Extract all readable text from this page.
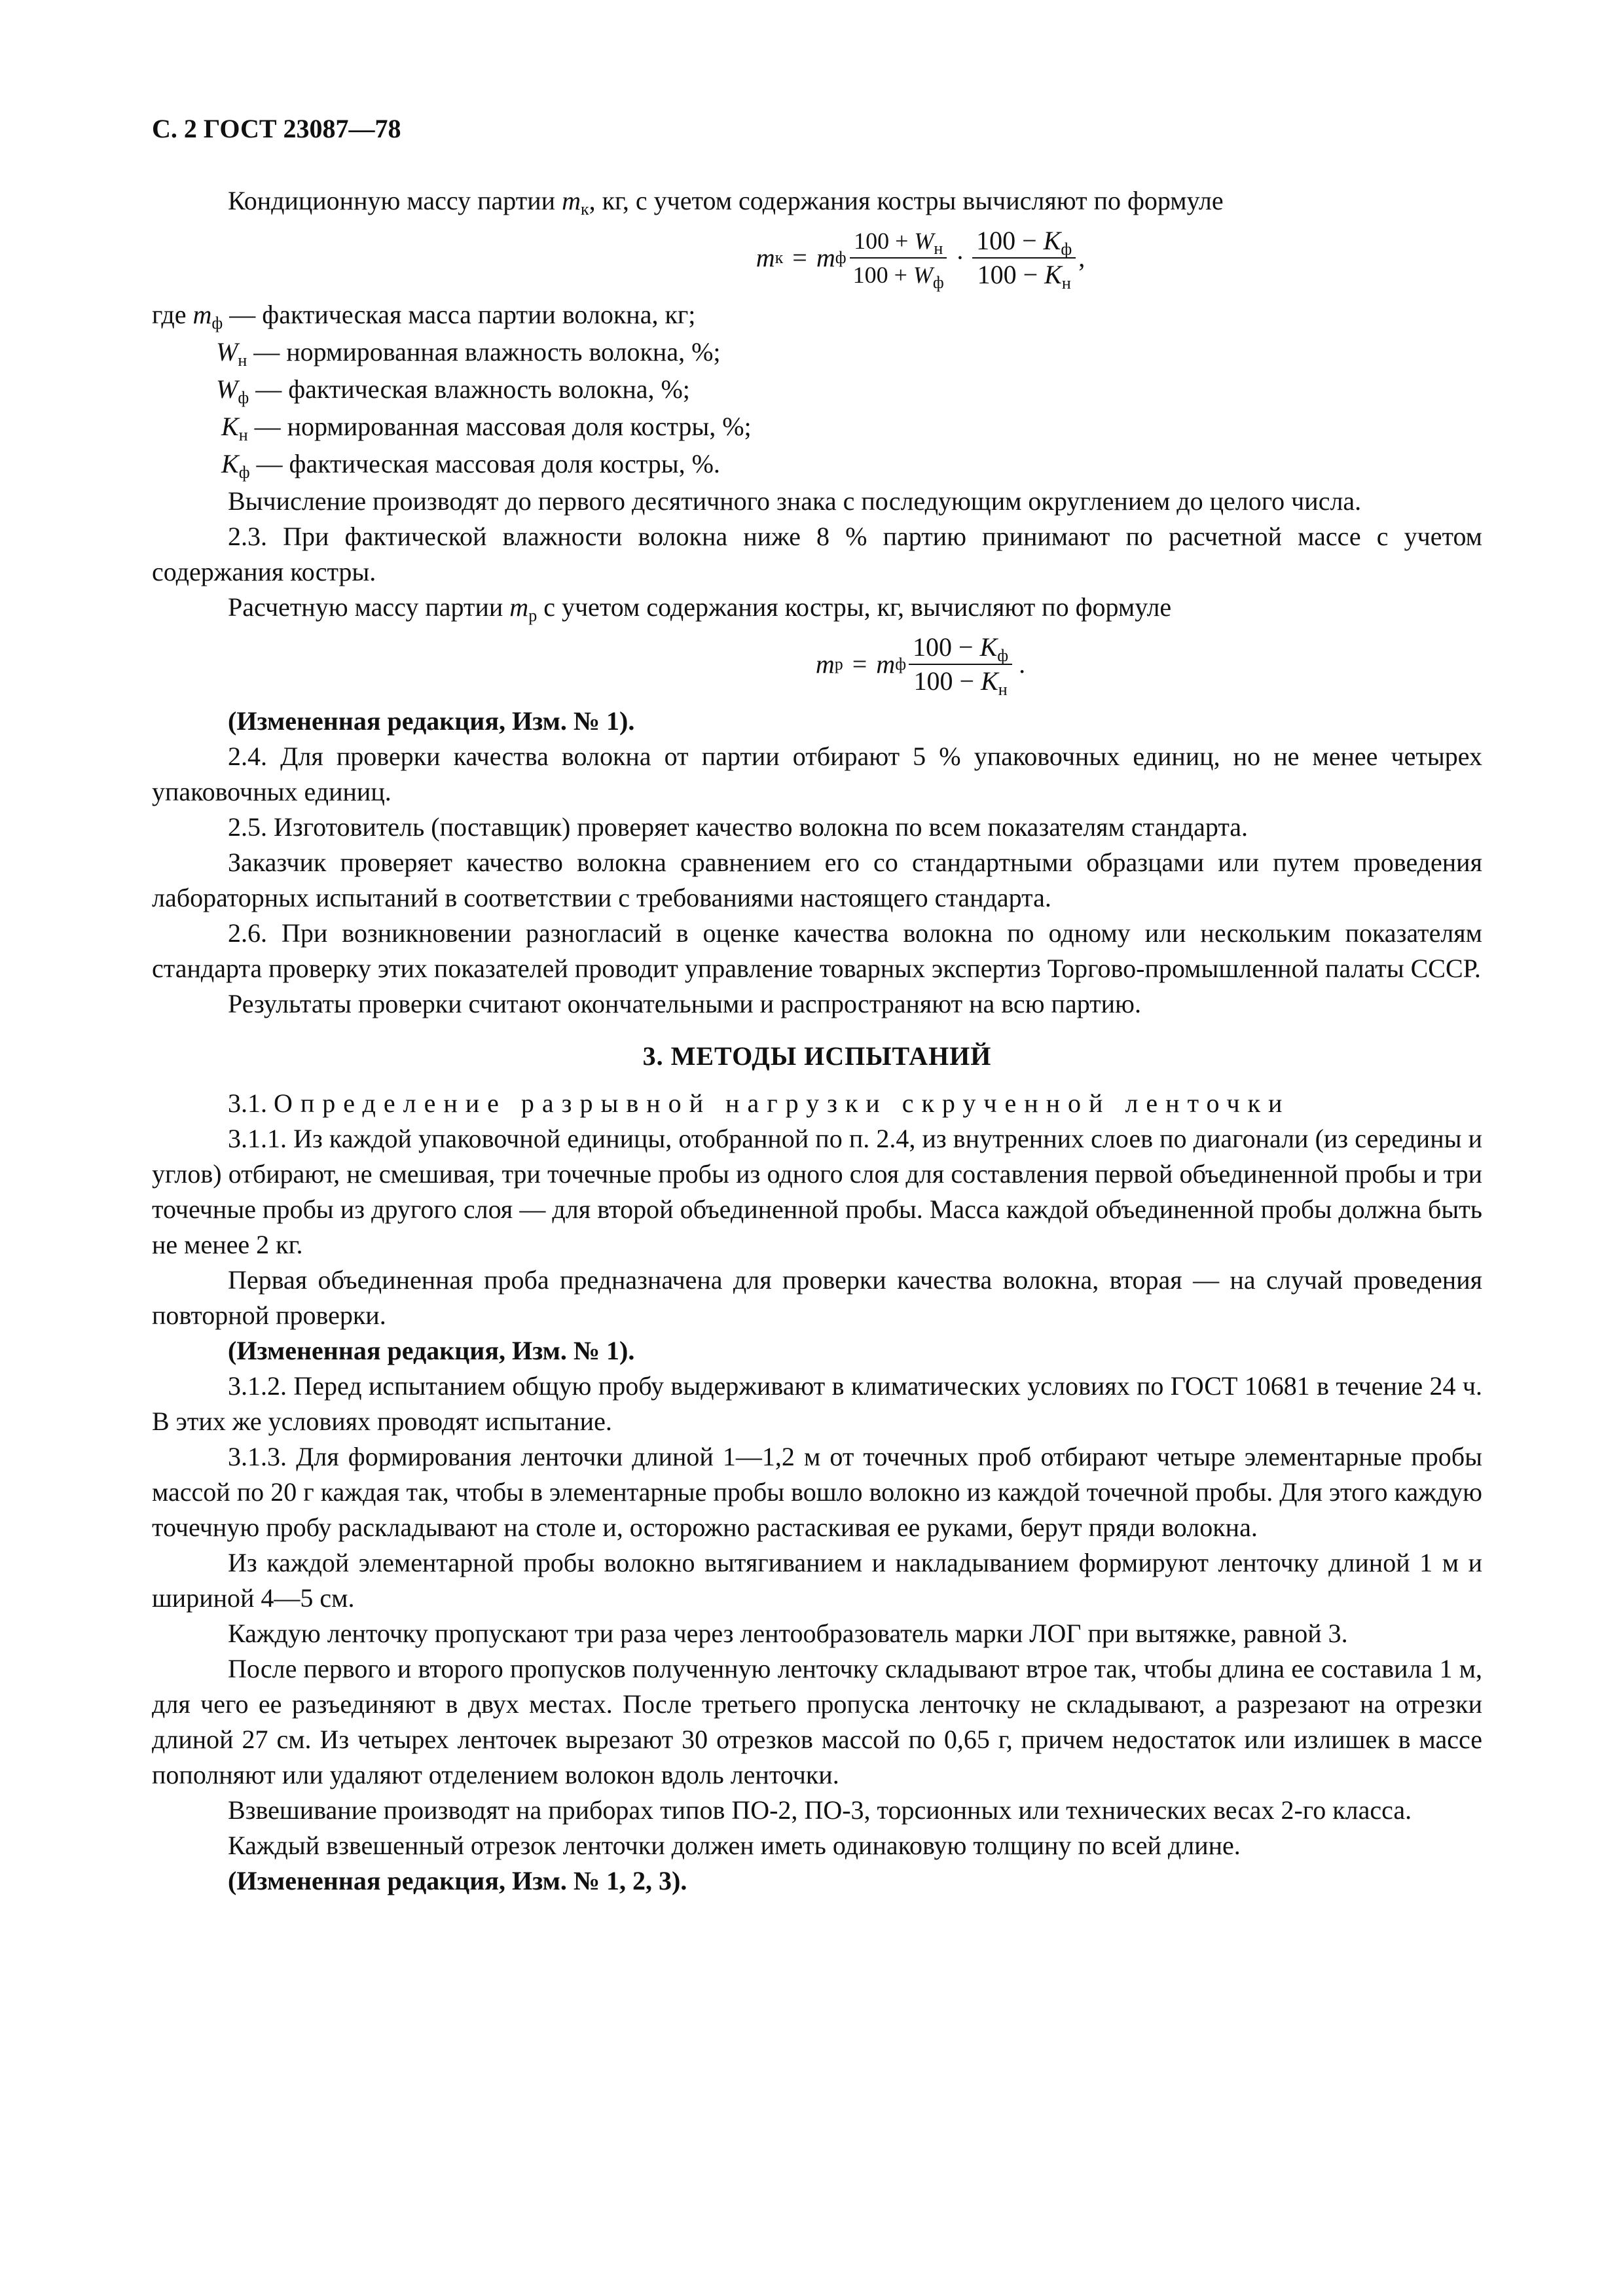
С. 2 ГОСТ 23087—78

Кондиционную массу партии $m_к$, кг, с учетом содержания костры вычисляют по формуле

m к = m ф $\frac{100 + W_н}{100 + W_ф} \cdot \frac{100 - K_ф}{100 - K_н}$ ,
где $m_ф$ — фактическая масса партии волокна, кг;
$W_н$ — нормированная влажность волокна, %;
$W_ф$ — фактическая влажность волокна, %;
$K_н$ — нормированная массовая доля костры, %;
$K_ф$ — фактическая массовая доля костры, %.

Вычисление производят до первого десятичного знака с последующим округлением до целого числа.

2.3. При фактической влажности волокна ниже 8 % партию принимают по расчетной массе с учетом содержания костры.

Расчетную массу партии $m_р$ с учетом содержания костры, кг, вычисляют по формуле

m р = m ф $\frac{100 - K_ф}{100 - K_н}$ .

(Измененная редакция, Изм. № 1).

2.4. Для проверки качества волокна от партии отбирают 5 % упаковочных единиц, но не менее четырех упаковочных единиц.

2.5. Изготовитель (поставщик) проверяет качество волокна по всем показателям стандарта.

Заказчик проверяет качество волокна сравнением его со стандартными образцами или путем проведения лабораторных испытаний в соответствии с требованиями настоящего стандарта.

2.6. При возникновении разногласий в оценке качества волокна по одному или нескольким показателям стандарта проверку этих показателей проводит управление товарных экспертиз Торгово-промышленной палаты СССР.

Результаты проверки считают окончательными и распространяют на всю партию.

3. МЕТОДЫ ИСПЫТАНИЙ

3.1. Определение разрывной нагрузки скрученной ленточки

3.1.1. Из каждой упаковочной единицы, отобранной по п. 2.4, из внутренних слоев по диагонали (из середины и углов) отбирают, не смешивая, три точечные пробы из одного слоя для составления первой объединенной пробы и три точечные пробы из другого слоя — для второй объединенной пробы. Масса каждой объединенной пробы должна быть не менее 2 кг.

Первая объединенная проба предназначена для проверки качества волокна, вторая — на случай проведения повторной проверки.

(Измененная редакция, Изм. № 1).

3.1.2. Перед испытанием общую пробу выдерживают в климатических условиях по ГОСТ 10681 в течение 24 ч. В этих же условиях проводят испытание.

3.1.3. Для формирования ленточки длиной 1—1,2 м от точечных проб отбирают четыре элементарные пробы массой по 20 г каждая так, чтобы в элементарные пробы вошло волокно из каждой точечной пробы. Для этого каждую точечную пробу раскладывают на столе и, осторожно растаскивая ее руками, берут пряди волокна.

Из каждой элементарной пробы волокно вытягиванием и накладыванием формируют ленточку длиной 1 м и шириной 4—5 см.

Каждую ленточку пропускают три раза через лентообразователь марки ЛОГ при вытяжке, равной 3.

После первого и второго пропусков полученную ленточку складывают втрое так, чтобы длина ее составила 1 м, для чего ее разъединяют в двух местах. После третьего пропуска ленточку не складывают, а разрезают на отрезки длиной 27 см. Из четырех ленточек вырезают 30 отрезков массой по 0,65 г, причем недостаток или излишек в массе пополняют или удаляют отделением волокон вдоль ленточки.

Взвешивание производят на приборах типов ПО-2, ПО-3, торсионных или технических весах 2-го класса.

Каждый взвешенный отрезок ленточки должен иметь одинаковую толщину по всей длине.

(Измененная редакция, Изм. № 1, 2, 3).
